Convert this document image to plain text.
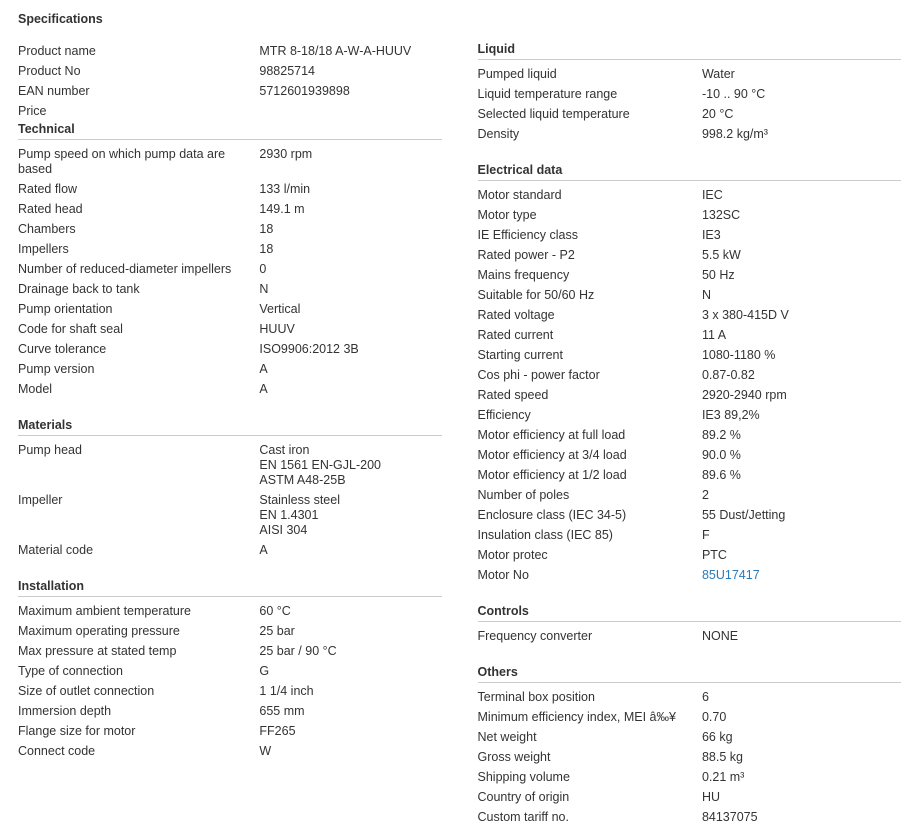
Specifications
Product name	MTR 8-18/18 A-W-A-HUUV
Product No	98825714
EAN number	5712601939898
Price	
Technical
Pump speed on which pump data are based	2930 rpm
Rated flow	133 l/min
Rated head	149.1 m
Chambers	18
Impellers	18
Number of reduced-diameter impellers	0
Drainage back to tank	N
Pump orientation	Vertical
Code for shaft seal	HUUV
Curve tolerance	ISO9906:2012 3B
Pump version	A
Model	A
Materials
Pump head	Cast iron
EN 1561 EN-GJL-200
ASTM A48-25B

Impeller	Stainless steel
EN 1.4301
AISI 304

Material code	A
Installation
Maximum ambient temperature	60 °C
Maximum operating pressure	25 bar
Max pressure at stated temp	25 bar / 90 °C
Type of connection	G
Size of outlet connection	1 1/4 inch
Immersion depth	655 mm
Flange size for motor	FF265
Connect code	W
Liquid
Pumped liquid	Water
Liquid temperature range	-10 .. 90 °C
Selected liquid temperature	20 °C
Density	998.2 kg/m³
Electrical data
Motor standard	IEC
Motor type	132SC
IE Efficiency class	IE3
Rated power - P2	5.5 kW
Mains frequency	50 Hz
Suitable for 50/60 Hz	N
Rated voltage	3 x 380-415D V
Rated current	11 A
Starting current	1080-1180 %
Cos phi - power factor	0.87-0.82
Rated speed	2920-2940 rpm
Efficiency	IE3 89,2%
Motor efficiency at full load	89.2 %
Motor efficiency at 3/4 load	90.0 %
Motor efficiency at 1/2 load	89.6 %
Number of poles	2
Enclosure class (IEC 34-5)	55 Dust/Jetting
Insulation class (IEC 85)	F
Motor protec	PTC
Motor No	85U17417
Controls
Frequency converter	NONE
Others
Terminal box position	6
Minimum efficiency index, MEI â‰¥	0.70
Net weight	66 kg
Gross weight	88.5 kg
Shipping volume	0.21 m³
Country of origin	HU
Custom tariff no.	84137075
